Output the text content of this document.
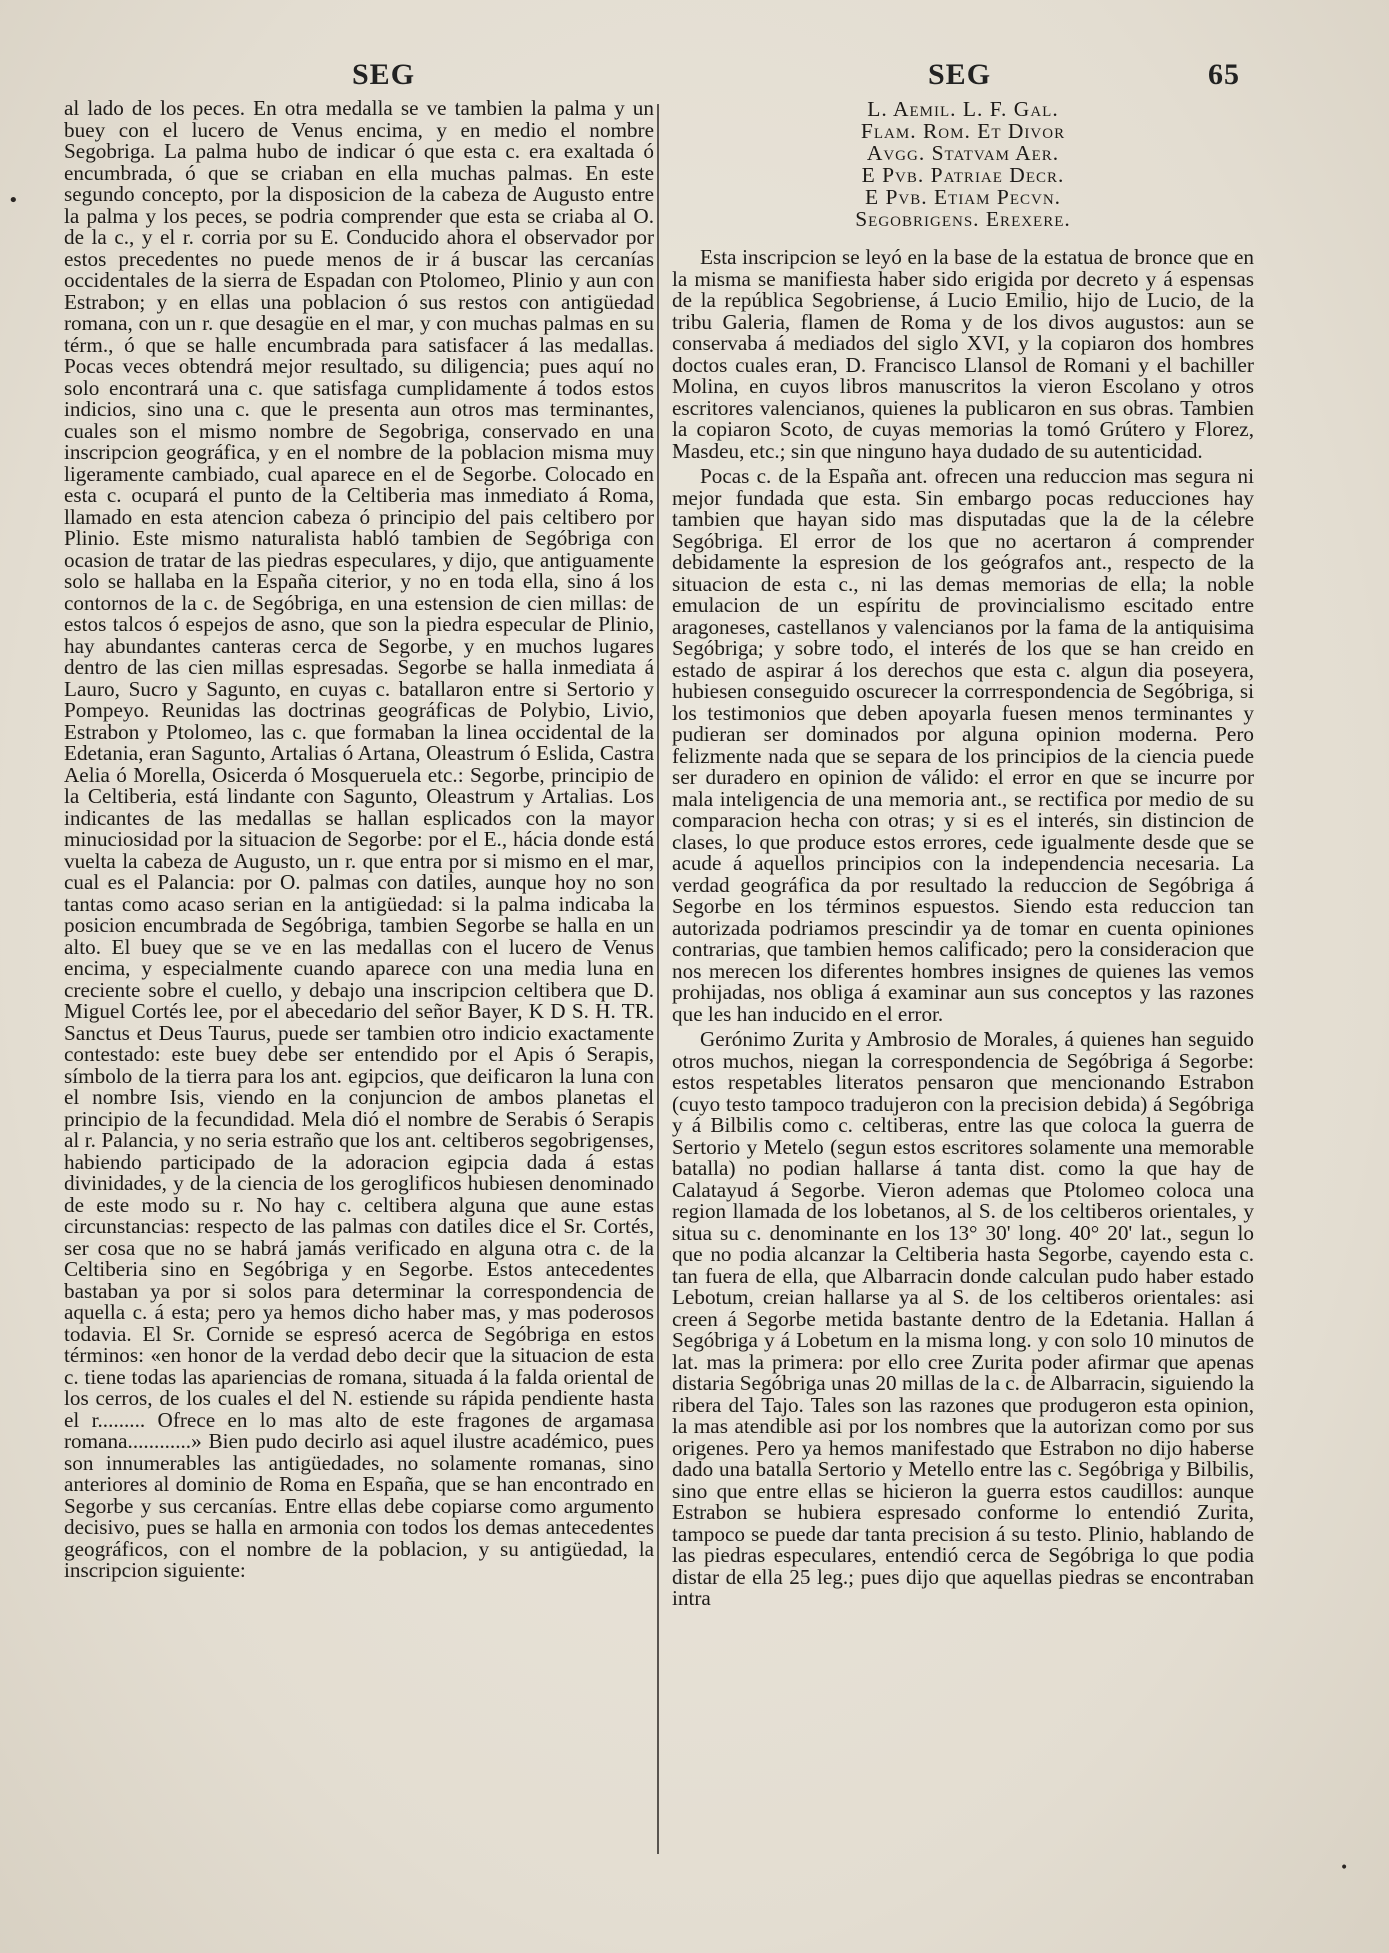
SEG	SEG	65

al lado de los peces. En otra medalla se ve tambien la palma y un buey con el lucero de Venus encima, y en medio el nombre Segobriga. La palma hubo de indicar ó que esta c. era exaltada ó encumbrada, ó que se criaban en ella muchas palmas. En este segundo concepto, por la disposicion de la cabeza de Augusto entre la palma y los peces, se podria comprender que esta se criaba al O. de la c., y el r. corria por su E. Conducido ahora el observador por estos precedentes no puede menos de ir á buscar las cercanías occidentales de la sierra de Espadan con Ptolomeo, Plinio y aun con Estrabon; y en ellas una poblacion ó sus restos con antigüedad romana, con un r. que desagüe en el mar, y con muchas palmas en su térm., ó que se halle encumbrada para satisfacer á las medallas. Pocas veces obtendrá mejor resultado, su diligencia; pues aquí no solo encontrará una c. que satisfaga cumplidamente á todos estos indicios, sino una c. que le presenta aun otros mas terminantes, cuales son el mismo nombre de Segobriga, conservado en una inscripcion geográfica, y en el nombre de la poblacion misma muy ligeramente cambiado, cual aparece en el de Segorbe. Colocado en esta c. ocupará el punto de la Celtiberia mas inmediato á Roma, llamado en esta atencion cabeza ó principio del pais celtibero por Plinio. Este mismo naturalista habló tambien de Segóbriga con ocasion de tratar de las piedras especulares, y dijo, que antiguamente solo se hallaba en la España citerior, y no en toda ella, sino á los contornos de la c. de Segóbriga, en una estension de cien millas: de estos talcos ó espejos de asno, que son la piedra especular de Plinio, hay abundantes canteras cerca de Segorbe, y en muchos lugares dentro de las cien millas espresadas. Segorbe se halla inmediata á Lauro, Sucro y Sagunto, en cuyas c. batallaron entre si Sertorio y Pompeyo. Reunidas las doctrinas geográficas de Polybio, Livio, Estrabon y Ptolomeo, las c. que formaban la linea occidental de la Edetania, eran Sagunto, Artalias ó Artana, Oleastrum ó Eslida, Castra Aelia ó Morella, Osicerda ó Mosqueruela etc.: Segorbe, principio de la Celtiberia, está lindante con Sagunto, Oleastrum y Artalias. Los indicantes de las medallas se hallan esplicados con la mayor minuciosidad por la situacion de Segorbe: por el E., hácia donde está vuelta la cabeza de Augusto, un r. que entra por si mismo en el mar, cual es el Palancia: por O. palmas con datiles, aunque hoy no son tantas como acaso serian en la antigüedad: si la palma indicaba la posicion encumbrada de Segóbriga, tambien Segorbe se halla en un alto. El buey que se ve en las medallas con el lucero de Venus encima, y especialmente cuando aparece con una media luna en creciente sobre el cuello, y debajo una inscripcion celtibera que D. Miguel Cortés lee, por el abecedario del señor Bayer, K D S. H. TR. Sanctus et Deus Taurus, puede ser tambien otro indicio exactamente contestado: este buey debe ser entendido por el Apis ó Serapis, símbolo de la tierra para los ant. egipcios, que deificaron la luna con el nombre Isis, viendo en la conjuncion de ambos planetas el principio de la fecundidad. Mela dió el nombre de Serabis ó Serapis al r. Palancia, y no seria estraño que los ant. celtiberos segobrigenses, habiendo participado de la adoracion egipcia dada á estas divinidades, y de la ciencia de los geroglificos hubiesen denominado de este modo su r. No hay c. celtibera alguna que aune estas circunstancias: respecto de las palmas con datiles dice el Sr. Cortés, ser cosa que no se habrá jamás verificado en alguna otra c. de la Celtiberia sino en Segóbriga y en Segorbe. Estos antecedentes bastaban ya por si solos para determinar la correspondencia de aquella c. á esta; pero ya hemos dicho haber mas, y mas poderosos todavia. El Sr. Cornide se espresó acerca de Segóbriga en estos términos: «en honor de la verdad debo decir que la situacion de esta c. tiene todas las apariencias de romana, situada á la falda oriental de los cerros, de los cuales el del N. estiende su rápida pendiente hasta el r......... Ofrece en lo mas alto de este fragones de argamasa romana............» Bien pudo decirlo asi aquel ilustre académico, pues son innumerables las antigüedades, no solamente romanas, sino anteriores al dominio de Roma en España, que se han encontrado en Segorbe y sus cercanías. Entre ellas debe copiarse como argumento decisivo, pues se halla en armonia con todos los demas antecedentes geográficos, con el nombre de la poblacion, y su antigüedad, la inscripcion siguiente:

L. Aemil. L. F. Gal.
Flam. Rom. Et Divor
Avgg. Statvam Aer.
E Pvb. Patriae Decr.
E Pvb. Etiam Pecvn.
Segobrigens. Erexere.

Esta inscripcion se leyó en la base de la estatua de bronce que en la misma se manifiesta haber sido erigida por decreto y á espensas de la república Segobriense, á Lucio Emilio, hijo de Lucio, de la tribu Galeria, flamen de Roma y de los divos augustos: aun se conservaba á mediados del siglo XVI, y la copiaron dos hombres doctos cuales eran, D. Francisco Llansol de Romani y el bachiller Molina, en cuyos libros manuscritos la vieron Escolano y otros escritores valencianos, quienes la publicaron en sus obras. Tambien la copiaron Scoto, de cuyas memorias la tomó Grútero y Florez, Masdeu, etc.; sin que ninguno haya dudado de su autenticidad.

Pocas c. de la España ant. ofrecen una reduccion mas segura ni mejor fundada que esta. Sin embargo pocas reducciones hay tambien que hayan sido mas disputadas que la de la célebre Segóbriga. El error de los que no acertaron á comprender debidamente la espresion de los geógrafos ant., respecto de la situacion de esta c., ni las demas memorias de ella; la noble emulacion de un espíritu de provincialismo escitado entre aragoneses, castellanos y valencianos por la fama de la antiquisima Segóbriga; y sobre todo, el interés de los que se han creido en estado de aspirar á los derechos que esta c. algun dia poseyera, hubiesen conseguido oscurecer la corrrespondencia de Segóbriga, si los testimonios que deben apoyarla fuesen menos terminantes y pudieran ser dominados por alguna opinion moderna. Pero felizmente nada que se separa de los principios de la ciencia puede ser duradero en opinion de válido: el error en que se incurre por mala inteligencia de una memoria ant., se rectifica por medio de su comparacion hecha con otras; y si es el interés, sin distincion de clases, lo que produce estos errores, cede igualmente desde que se acude á aquellos principios con la independencia necesaria. La verdad geográfica da por resultado la reduccion de Segóbriga á Segorbe en los términos espuestos. Siendo esta reduccion tan autorizada podriamos prescindir ya de tomar en cuenta opiniones contrarias, que tambien hemos calificado; pero la consideracion que nos merecen los diferentes hombres insignes de quienes las vemos prohijadas, nos obliga á examinar aun sus conceptos y las razones que les han inducido en el error.

Gerónimo Zurita y Ambrosio de Morales, á quienes han seguido otros muchos, niegan la correspondencia de Segóbriga á Segorbe: estos respetables literatos pensaron que mencionando Estrabon (cuyo testo tampoco tradujeron con la precision debida) á Segóbriga y á Bilbilis como c. celtiberas, entre las que coloca la guerra de Sertorio y Metelo (segun estos escritores solamente una memorable batalla) no podian hallarse á tanta dist. como la que hay de Calatayud á Segorbe. Vieron ademas que Ptolomeo coloca una region llamada de los lobetanos, al S. de los celtiberos orientales, y situa su c. denominante en los 13° 30' long. 40° 20' lat., segun lo que no podia alcanzar la Celtiberia hasta Segorbe, cayendo esta c. tan fuera de ella, que Albarracin donde calculan pudo haber estado Lebotum, creian hallarse ya al S. de los celtiberos orientales: asi creen á Segorbe metida bastante dentro de la Edetania. Hallan á Segóbriga y á Lobetum en la misma long. y con solo 10 minutos de lat. mas la primera: por ello cree Zurita poder afirmar que apenas distaria Segóbriga unas 20 millas de la c. de Albarracin, siguiendo la ribera del Tajo. Tales son las razones que produgeron esta opinion, la mas atendible asi por los nombres que la autorizan como por sus origenes. Pero ya hemos manifestado que Estrabon no dijo haberse dado una batalla Sertorio y Metello entre las c. Segóbriga y Bilbilis, sino que entre ellas se hicieron la guerra estos caudillos: aunque Estrabon se hubiera espresado conforme lo entendió Zurita, tampoco se puede dar tanta precision á su testo. Plinio, hablando de las piedras especulares, entendió cerca de Segóbriga lo que podia distar de ella 25 leg.; pues dijo que aquellas piedras se encontraban intra

•
•
